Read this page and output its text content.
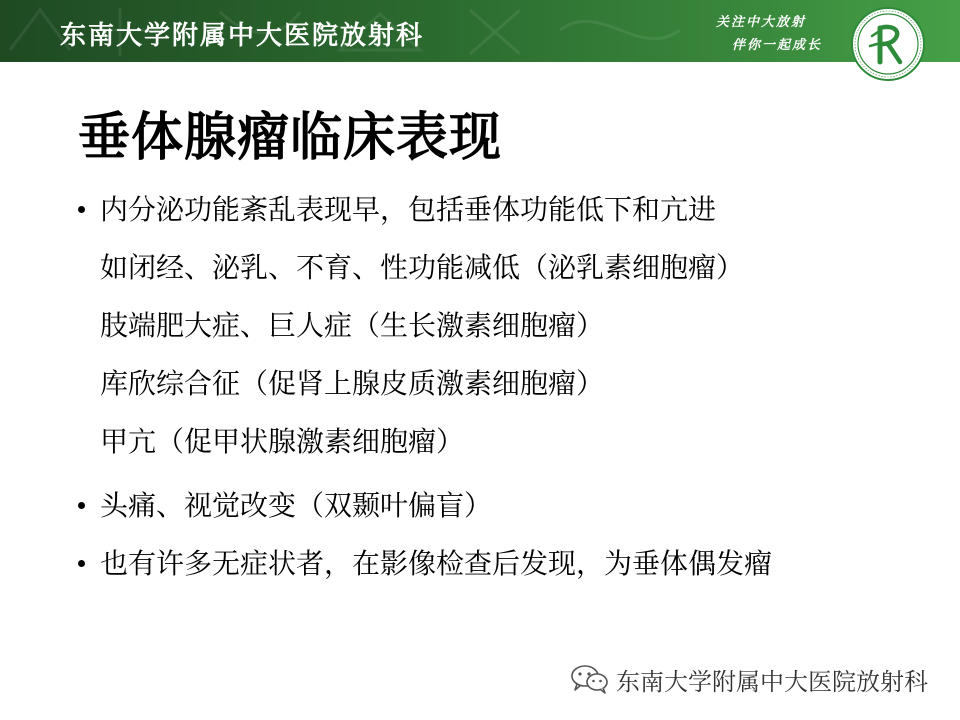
东南大学附属中大医院放射科	关注中大放射
伴你一起成长
垂体腺瘤临床表现
内分泌功能紊乱表现早，包括垂体功能低下和亢进
如闭经、泌乳、不育、性功能减低（泌乳素细胞瘤）
肢端肥大症、巨人症（生长激素细胞瘤）
库欣综合征（促肾上腺皮质激素细胞瘤）
甲亢（促甲状腺激素细胞瘤）
头痛、视觉改变（双颞叶偏盲）
也有许多无症状者，在影像检查后发现，为垂体偶发瘤
东南大学附属中大医院放射科
